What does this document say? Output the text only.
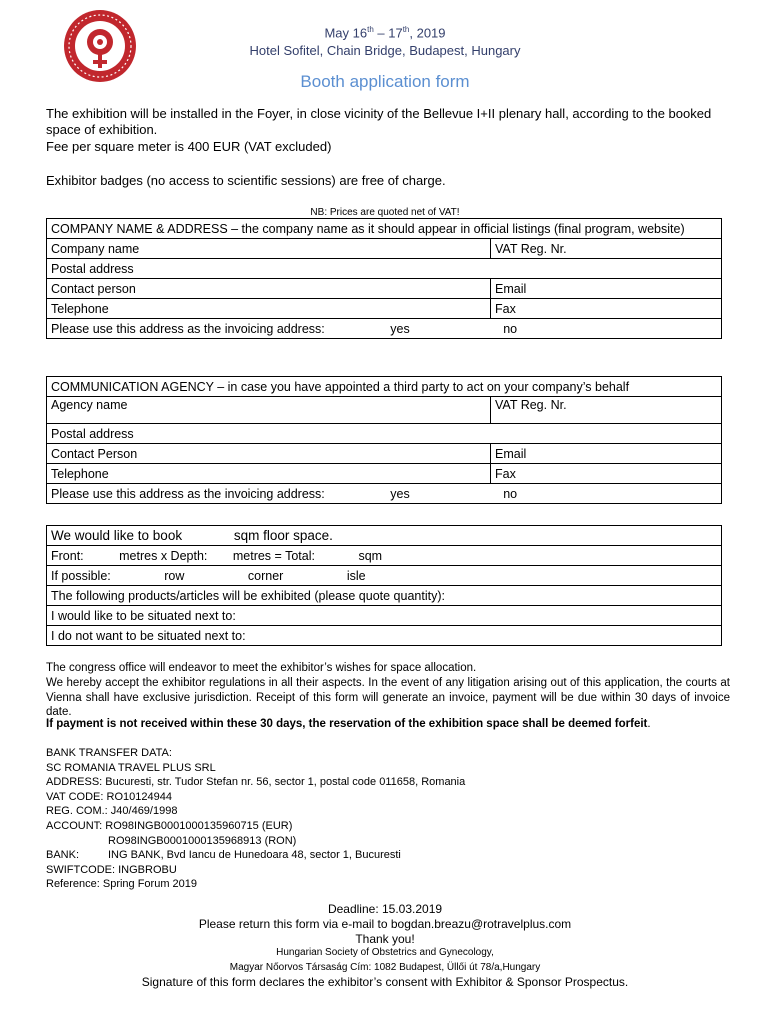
May 16th – 17th, 2019
Hotel Sofitel, Chain Bridge, Budapest, Hungary
Booth application form
The exhibition will be installed in the Foyer, in close vicinity of the Bellevue I+II plenary hall, according to the booked space of exhibition.
Fee per square meter is 400 EUR (VAT excluded)
Exhibitor badges (no access to scientific sessions) are free of charge.
NB: Prices are quoted net of VAT!
COMPANY NAME & ADDRESS – the company name as it should appear in official listings (final program, website)	
Company name	VAT Reg. Nr.
Postal address	
Contact person	Email
Telephone	Fax
Please use this address as the invoicing address: yes no	
COMMUNICATION AGENCY – in case you have appointed a third party to act on your company’s behalf	
Agency name	VAT Reg. Nr.
Postal address	
Contact Person	Email
Telephone	Fax
Please use this address as the invoicing address: yes no	
We would like to book	sqm floor space.
Front:	metres x Depth: metres = Total:	sqm
If possible:	row	corner	isle
The following products/articles will be exhibited (please quote quantity):
I would like to be situated next to:
I do not want to be situated next to:
The congress office will endeavor to meet the exhibitor’s wishes for space allocation.
We hereby accept the exhibitor regulations in all their aspects. In the event of any litigation arising out of this application, the courts at Vienna shall have exclusive jurisdiction. Receipt of this form will generate an invoice, payment will be due within 30 days of invoice date.
If payment is not received within these 30 days, the reservation of the exhibition space shall be deemed forfeit.
BANK TRANSFER DATA:
SC ROMANIA TRAVEL PLUS SRL
ADDRESS: Bucuresti, str. Tudor Stefan nr. 56, sector 1, postal code 011658, Romania
VAT CODE: RO10124944
REG. COM.: J40/469/1998
ACCOUNT: RO98INGB0001000135960715 (EUR)
RO98INGB0001000135968913 (RON)
BANK:	ING BANK, Bvd Iancu de Hunedoara 48, sector 1, Bucuresti
SWIFTCODE: INGBROBU
Reference: Spring Forum 2019
Deadline: 15.03.2019
Please return this form via e-mail to bogdan.breazu@rotravelplus.com
Thank you!
Hungarian Society of Obstetrics and Gynecology,
Magyar Nőorvos Társaság Cím: 1082 Budapest, Üllői út 78/a,Hungary
Signature of this form declares the exhibitor’s consent with Exhibitor & Sponsor Prospectus.
